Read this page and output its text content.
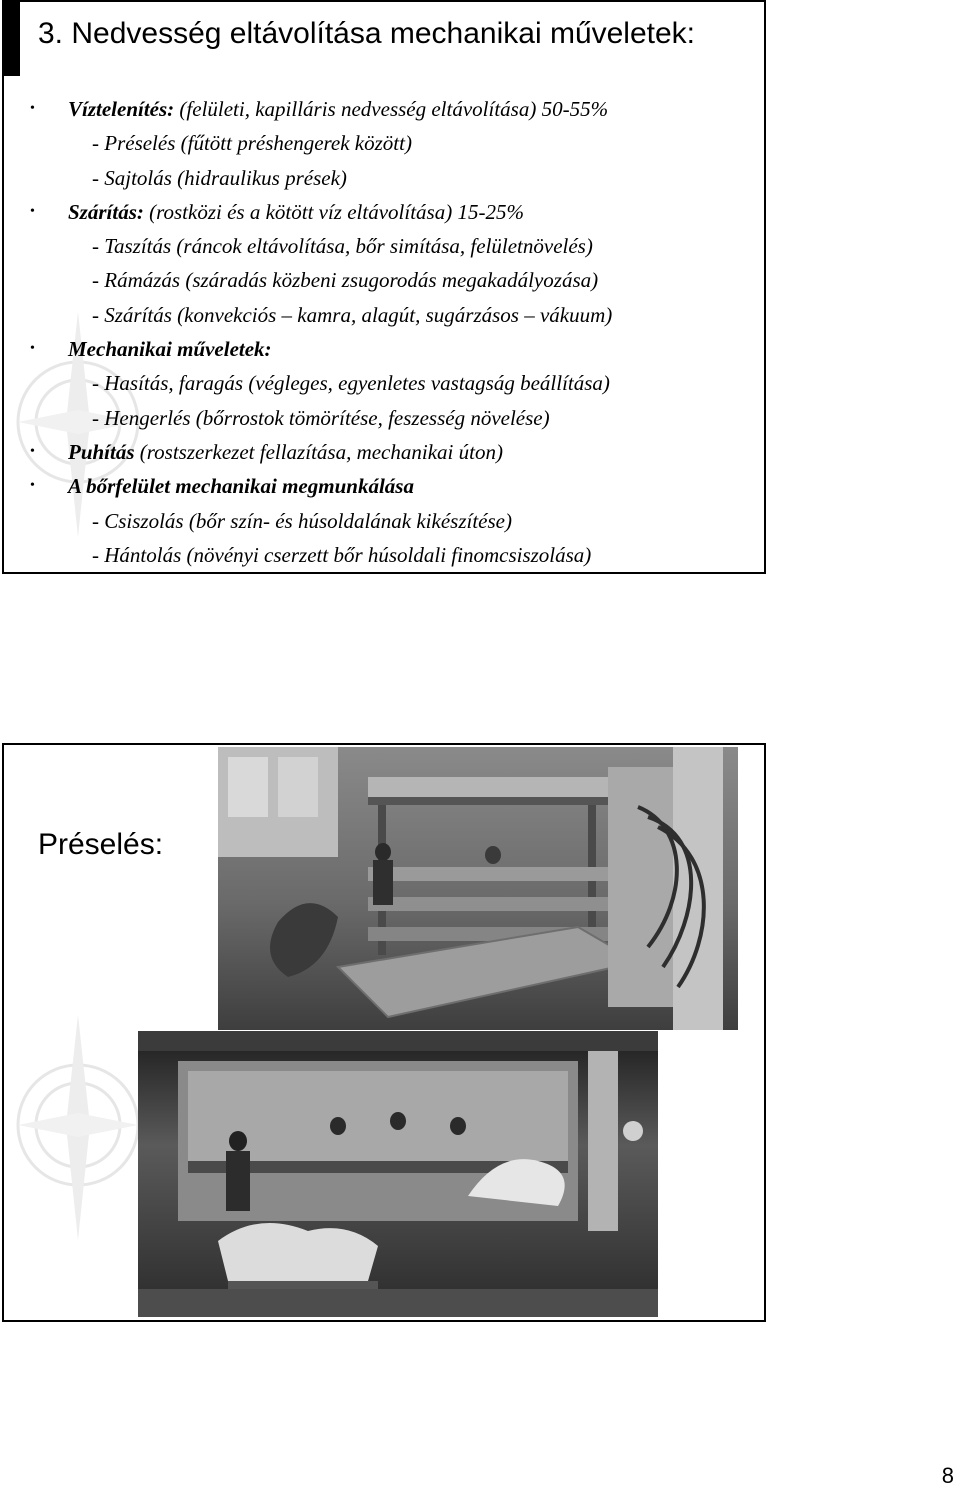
3. Nedvesség eltávolítása mechanikai műveletek:
• Víztelenítés: (felületi, kapilláris nedvesség eltávolítása) 50-55%
- Préselés (fűtött préshengerek között)
- Sajtolás (hidraulikus prések)
• Szárítás: (rostközi és a kötött víz eltávolítása) 15-25%
- Taszítás (ráncok eltávolítása, bőr simítása, felületnövelés)
- Rámázás (száradás közbeni zsugorodás megakadályozása)
- Szárítás (konvekciós – kamra, alagút, sugárzásos – vákuum)
• Mechanikai műveletek:
- Hasítás, faragás (végleges, egyenletes vastagság beállítása)
- Hengerlés (bőrrostok tömörítése, feszesség növelése)
• Puhítás (rostszerkezet fellazítása, mechanikai úton)
• A bőrfelület mechanikai megmunkálása
- Csiszolás (bőr szín- és húsoldalának kikészítése)
- Hántolás (növényi cserzett bőr húsoldali finomcsiszolása)
Préselés:
8
